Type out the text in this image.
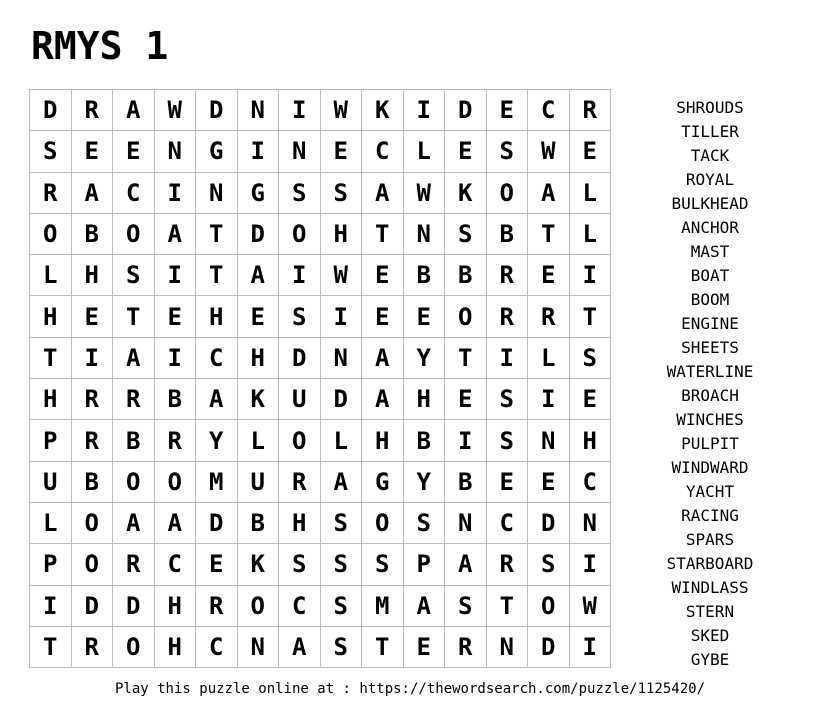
RMYS 1
D	R	A	W	D	N	I	W	K	I	D	E	C	R
S	E	E	N	G	I	N	E	C	L	E	S	W	E
R	A	C	I	N	G	S	S	A	W	K	O	A	L
O	B	O	A	T	D	O	H	T	N	S	B	T	L
L	H	S	I	T	A	I	W	E	B	B	R	E	I
H	E	T	E	H	E	S	I	E	E	O	R	R	T
T	I	A	I	C	H	D	N	A	Y	T	I	L	S
H	R	R	B	A	K	U	D	A	H	E	S	I	E
P	R	B	R	Y	L	O	L	H	B	I	S	N	H
U	B	O	O	M	U	R	A	G	Y	B	E	E	C
L	O	A	A	D	B	H	S	O	S	N	C	D	N
P	O	R	C	E	K	S	S	S	P	A	R	S	I
I	D	D	H	R	O	C	S	M	A	S	T	O	W
T	R	O	H	C	N	A	S	T	E	R	N	D	I
SHROUDS
TILLER
TACK
ROYAL
BULKHEAD
ANCHOR
MAST
BOAT
BOOM
ENGINE
SHEETS
WATERLINE
BROACH
WINCHES
PULPIT
WINDWARD
YACHT
RACING
SPARS
STARBOARD
WINDLASS
STERN
SKED
GYBE
Play this puzzle online at : https://thewordsearch.com/puzzle/1125420/
